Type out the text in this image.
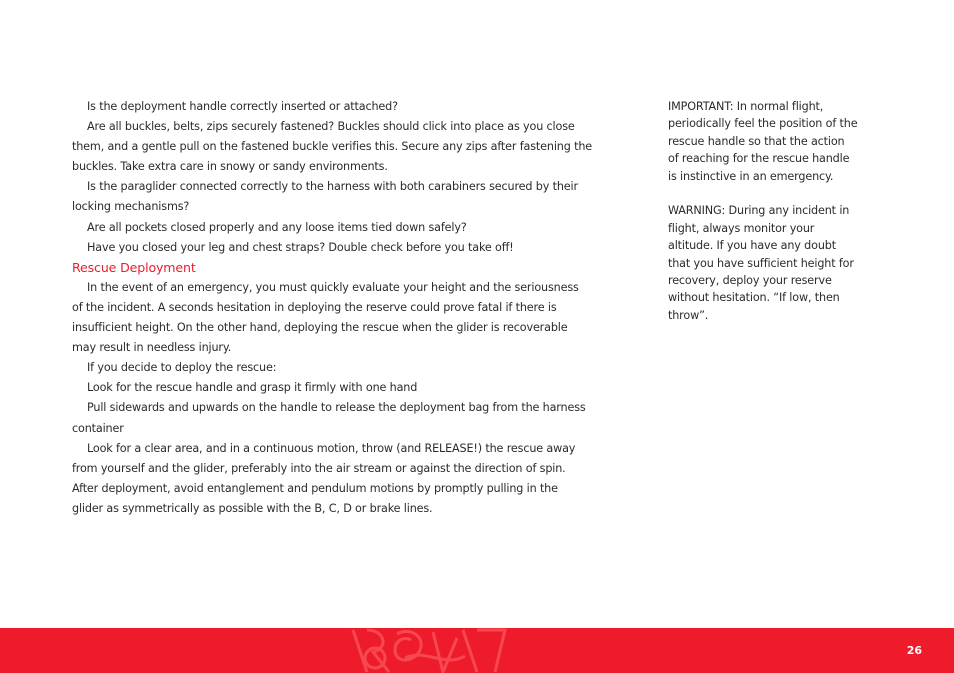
Is the deployment handle correctly inserted or attached?

Are all buckles, belts, zips securely fastened? Buckles should click into place as you close them, and a gentle pull on the fastened buckle verifies this. Secure any zips after fastening the buckles. Take extra care in snowy or sandy environments.

Is the paraglider connected correctly to the harness with both carabiners secured by their locking mechanisms?

Are all pockets closed properly and any loose items tied down safely?

Have you closed your leg and chest straps? Double check before you take off!

Rescue Deployment

In the event of an emergency, you must quickly evaluate your height and the seriousness of the incident. A seconds hesitation in deploying the reserve could prove fatal if there is insufficient height. On the other hand, deploying the rescue when the glider is recoverable may result in needless injury.

If you decide to deploy the rescue:

Look for the rescue handle and grasp it firmly with one hand

Pull sidewards and upwards on the handle to release the deployment bag from the harness container

Look for a clear area, and in a continuous motion, throw (and RELEASE!) the rescue away from yourself and the glider, preferably into the air stream or against the direction of spin. After deployment, avoid entanglement and pendulum motions by promptly pulling in the glider as symmetrically as possible with the B, C, D or brake lines.

IMPORTANT: In normal flight, periodically feel the position of the rescue handle so that the action of reaching for the rescue handle is instinctive in an emergency.

WARNING: During any incident in flight, always monitor your altitude. If you have any doubt that you have sufficient height for recovery, deploy your reserve without hesitation. “If low, then throw”.

26
